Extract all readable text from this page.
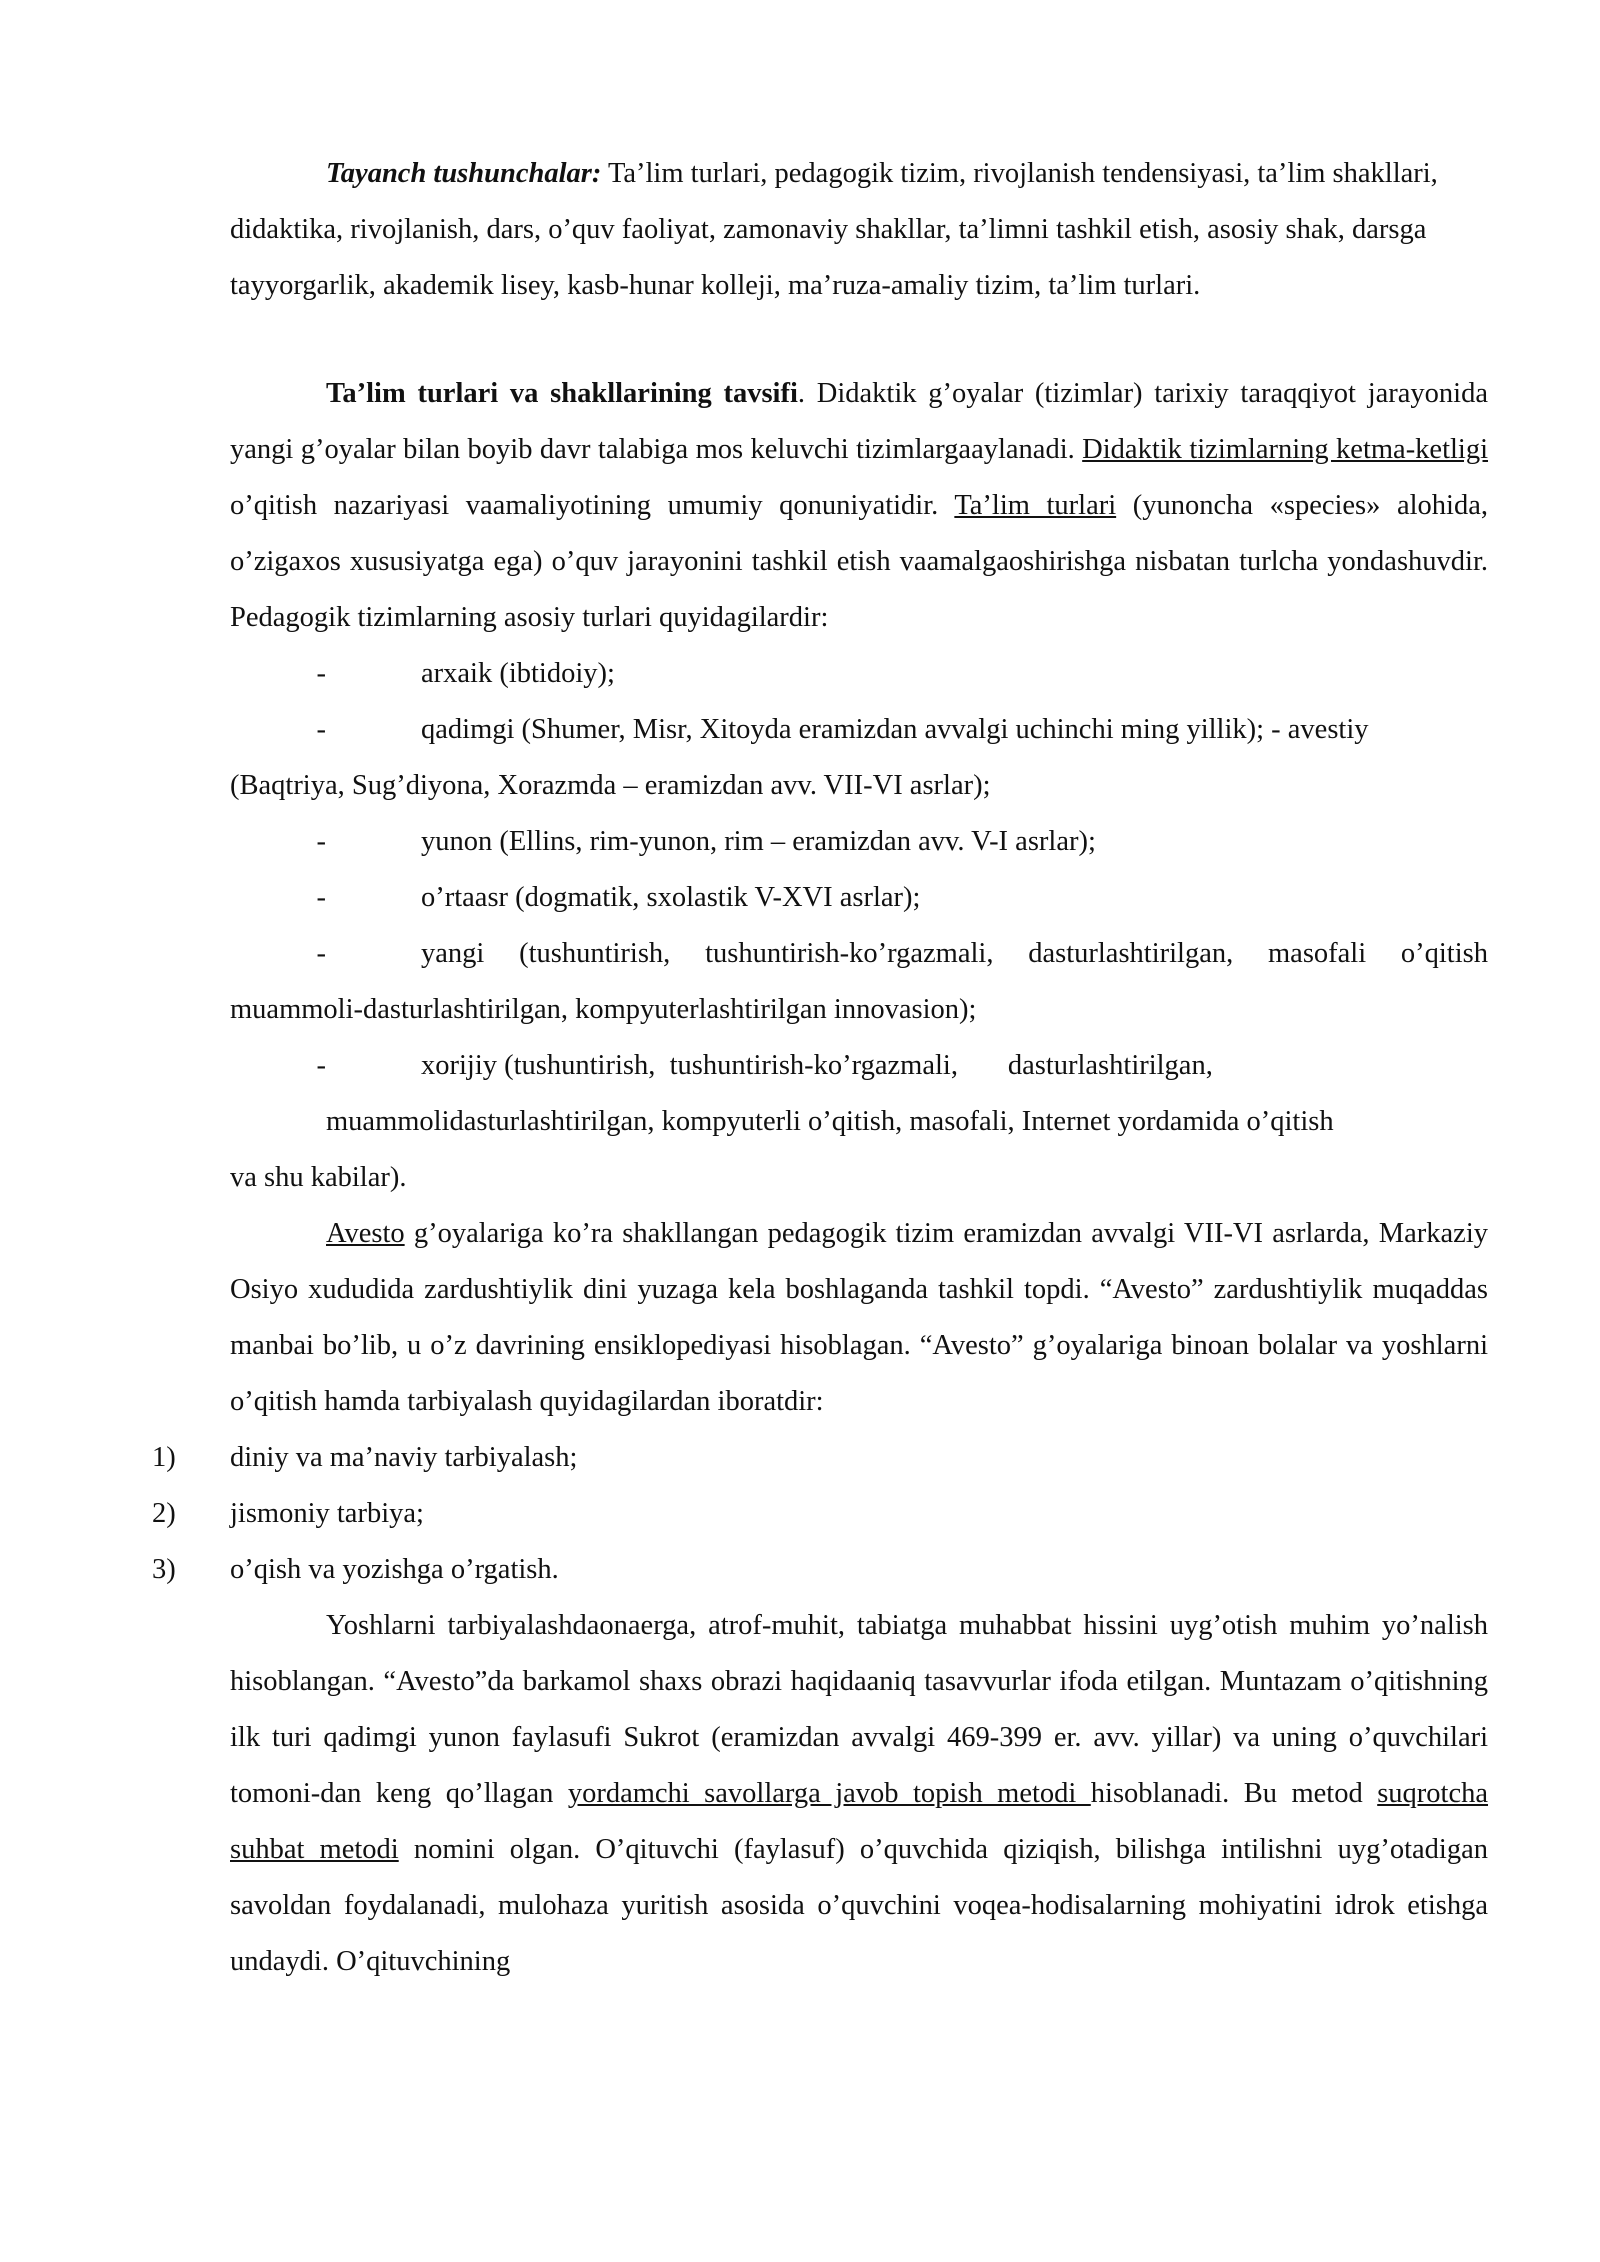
Tayanch tushunchalar: Ta’lim turlari, pedagogik tizim, rivojlanish tendensiyasi, ta’lim shakllari, didaktika, rivojlanish, dars, o’quv faoliyat, zamonaviy shakllar, ta’limni tashkil etish, asosiy shak, darsga tayyorgarlik, akademik lisey, kasb-hunar kolleji, ma’ruza-amaliy tizim, ta’lim turlari.

Ta’lim turlari va shakllarining tavsifi. Didaktik g’oyalar (tizimlar) tarixiy taraqqiyot jarayonida yangi g’oyalar bilan boyib davr talabiga mos keluvchi tizimlargaaylanadi. Didaktik tizimlarning ketma-ketligi o’qitish nazariyasi vaamaliyotining umumiy qonuniyatidir. Ta’lim turlari (yunoncha «species» alohida, o’zigaxos xususiyatga ega) o’quv jarayonini tashkil etish vaamalgaoshirishga nisbatan turlcha yondashuvdir. Pedagogik tizimlarning asosiy turlari quyidagilardir:

-	arxaik (ibtidoiy);

-	qadimgi (Shumer, Misr, Xitoyda eramizdan avvalgi uchinchi ming yillik); - avestiy (Baqtriya, Sug’diyona, Xorazmda – eramizdan avv. VII-VI asrlar);

-	yunon (Ellins, rim-yunon, rim – eramizdan avv. V-I asrlar);

-	o’rtaasr (dogmatik, sxolastik V-XVI asrlar);

-	yangi (tushuntirish, tushuntirish-ko’rgazmali, dasturlashtirilgan, masofali o’qitish muammoli-dasturlashtirilgan, kompyuterlashtirilgan innovasion);

-	xorijiy (tushuntirish,  tushuntirish-ko’rgazmali,       dasturlashtirilgan,

muammolidasturlashtirilgan, kompyuterli o’qitish, masofali, Internet yordamida o’qitish

va shu kabilar).

Avesto g’oyalariga ko’ra shakllangan pedagogik tizim eramizdan avvalgi VII-VI asrlarda, Markaziy Osiyo xududida zardushtiylik dini yuzaga kela boshlaganda tashkil topdi. “Avesto” zardushtiylik muqaddas manbai bo’lib, u o’z davrining ensiklopediyasi hisoblagan. “Avesto” g’oyalariga binoan bolalar va yoshlarni o’qitish hamda tarbiyalash quyidagilardan iboratdir:

1) diniy va ma’naviy tarbiyalash;

2) jismoniy tarbiya;

3) o’qish va yozishga o’rgatish.

Yoshlarni tarbiyalashdaonaerga, atrof-muhit, tabiatga muhabbat hissini uyg’otish muhim yo’nalish hisoblangan. “Avesto”da barkamol shaxs obrazi haqidaaniq tasavvurlar ifoda etilgan. Muntazam o’qitishning ilk turi qadimgi yunon faylasufi Sukrot (eramizdan avvalgi 469-399 er. avv. yillar) va uning o’quvchilari tomoni-dan keng qo’llagan yordamchi savollarga javob topish metodi hisoblanadi. Bu metod suqrotcha suhbat metodi nomini olgan. O’qituvchi (faylasuf) o’quvchida qiziqish, bilishga intilishni uyg’otadigan savoldan foydalanadi, mulohaza yuritish asosida o’quvchini voqea-hodisalarning mohiyatini idrok etishga undaydi. O’qituvchining
